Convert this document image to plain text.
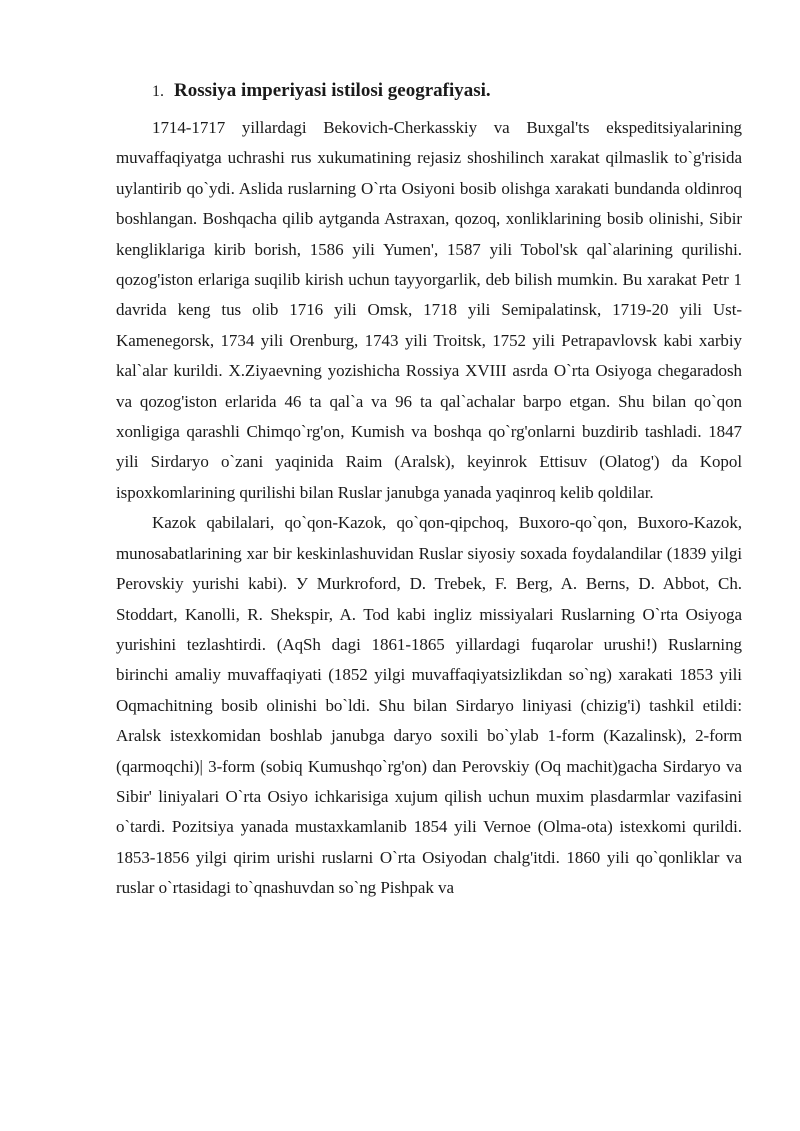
1. Rossiya imperiyasi istilosi geografiyasi.

1714-1717 yillardagi Bekovich-Cherkasskiy va Buxgal'ts ekspeditsiyalarining muvaffaqiyatga uchrashi rus xukumatining rejasiz shoshilinch xarakat qilmaslik to`g'risida uylantirib qo`ydi. Aslida ruslarning O`rta Osiyoni bosib olishga xarakati bundanda oldinroq boshlangan. Boshqacha qilib aytganda Astraxan, qozoq, xonliklarining bosib olinishi, Sibir kengliklariga kirib borish, 1586 yili Yumen', 1587 yili Tobol'sk qal`alarining qurilishi. qozog'iston erlariga suqilib kirish uchun tayyorgarlik, deb bilish mumkin. Bu xarakat Petr 1 davrida keng tus olib 1716 yili Omsk, 1718 yili Semipalatinsk, 1719-20 yili Ust-Kamenegorsk, 1734 yili Orenburg, 1743 yili Troitsk, 1752 yili Petrapavlovsk kabi xarbiy kal`alar kurildi. X.Ziyaevning yozishicha Rossiya XVIII asrda O`rta Osiyoga chegaradosh va qozog'iston erlarida 46 ta qal`a va 96 ta qal`achalar barpo etgan. Shu bilan qo`qon xonligiga qarashli Chimqo`rg'on, Kumish va boshqa qo`rg'onlarni buzdirib tashladi. 1847 yili Sirdaryo o`zani yaqinida Raim (Aralsk), keyinrok Ettisuv (Olatog') da Kopol ispoxkomlarining qurilishi bilan Ruslar janubga yanada yaqinroq kelib qoldilar.

Kazok qabilalari, qo`qon-Kazok, qo`qon-qipchoq, Buxoro-qo`qon, Buxoro-Kazok, munosabatlarining xar bir keskinlashuvidan Ruslar siyosiy soxada foydalandilar (1839 yilgi Perovskiy yurishi kabi). У Murkroford, D. Trebek, F. Berg, A. Berns, D. Abbot, Ch. Stoddart, Kanolli, R. Shekspir, A. Tod kabi ingliz missiyalari Ruslarning O`rta Osiyoga yurishini tezlashtirdi. (AqSh dagi 1861-1865 yillardagi fuqarolar urushi!) Ruslarning birinchi amaliy muvaffaqiyati (1852 yilgi muvaffaqiyatsizlikdan so`ng) xarakati 1853 yili Oqmachitning bosib olinishi bo`ldi. Shu bilan Sirdaryo liniyasi (chizig'i) tashkil etildi: Aralsk istexkomidan boshlab janubga daryo soxili bo`ylab 1-form (Kazalinsk), 2-form (qarmoqchi)| 3-form (sobiq Kumushqo`rg'on) dan Perovskiy (Oq machit)gacha Sirdaryo va Sibir' liniyalari O`rta Osiyo ichkarisiga xujum qilish uchun muxim plasdarmlar vazifasini o`tardi. Pozitsiya yanada mustaxkamlanib 1854 yili Vernoe (Olma-ota) istexkomi qurildi. 1853-1856 yilgi qirim urishi ruslarni O`rta Osiyodan chalg'itdi. 1860 yili qo`qonliklar va ruslar o`rtasidagi to`qnashuvdan so`ng Pishpak va
